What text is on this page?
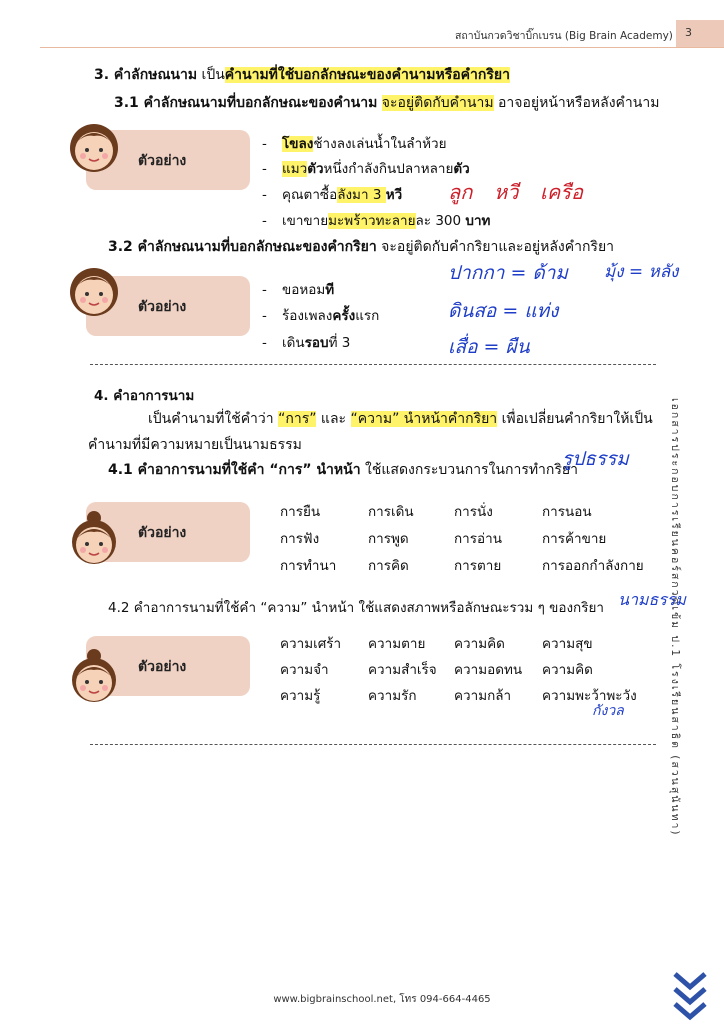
สถาบันกวดวิชาบิ๊กเบรน (Big Brain Academy) 3
เอกสารประกอบการเรียนคอร์สกวดเข้ม ป.1 โรงเรียนสาธิต (สวนสุนันทา)
3. คำลักษณนาม เป็นคำนามที่ใช้บอกลักษณะของคำนามหรือคำกริยา
3.1 คำลักษณนามที่บอกลักษณะของคำนาม จะอยู่ติดกับคำนาม อาจอยู่หน้าหรือหลังคำนาม
ตัวอย่าง
- โขลงช้างลงเล่นน้ำในลำห้วย
- แมวตัวหนึ่งกำลังกินปลาหลายตัว
- คุณตาซื้อลังมา 3 หวี
- เขาขายมะพร้าวทะลายละ 300 บาท
ลูก หวี เครือ
3.2 คำลักษณนามที่บอกลักษณะของคำกริยา จะอยู่ติดกับคำกริยาและอยู่หลังคำกริยา
ตัวอย่าง
- ขอหอมที
- ร้องเพลงครั้งแรก
- เดินรอบที่ 3
ปากกา = ด้าม มุ้ง = หลัง
ดินสอ = แท่ง
เสื่อ = ผืน
4. คำอาการนาม
เป็นคำนามที่ใช้คำว่า “การ” และ “ความ” นำหน้าคำกริยา เพื่อเปลี่ยนคำกริยาให้เป็น
คำนามที่มีความหมายเป็นนามธรรม
4.1 คำอาการนามที่ใช้คำ “การ” นำหน้า ใช้แสดงกระบวนการในการทำกริยา
รูปธรรม
ตัวอย่าง
การยืน	การเดิน	การนั่ง	การนอน
การฟัง	การพูด	การอ่าน	การค้าขาย
การทำนา การคิด	การตาย	การออกกำลังกาย
4.2 คำอาการนามที่ใช้คำ “ความ” นำหน้า ใช้แสดงสภาพหรือลักษณะรวม ๆ ของกริยา นามธรรม
ตัวอย่าง
ความเศร้า ความตาย ความคิด	ความสุข
ความจำ	ความสำเร็จ ความอดทน ความคิด
ความรู้	ความรัก	ความกล้า ความพะว้าพะวัง
กังวล
www.bigbrainschool.net, โทร 094-664-4465
